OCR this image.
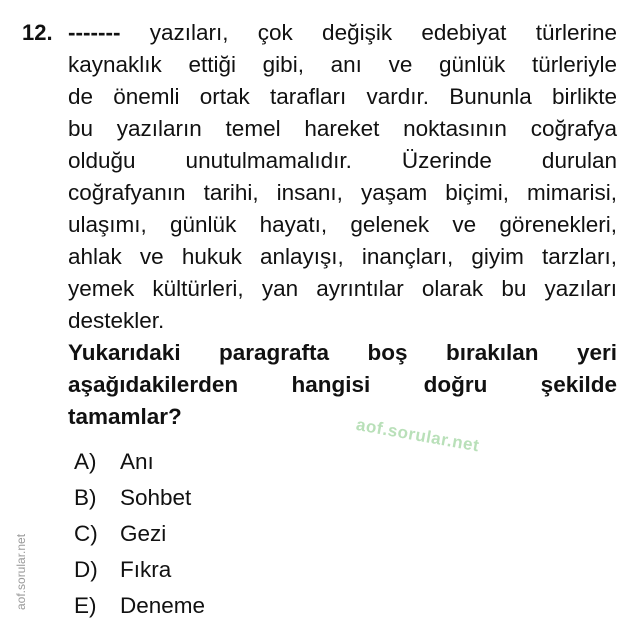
12. ------- yazıları, çok değişik edebiyat türlerine
kaynaklık ettiği gibi, anı ve günlük türleriyle
de önemli ortak tarafları vardır. Bununla birlikte
bu yazıların temel hareket noktasının coğrafya
olduğu unutulmamalıdır. Üzerinde durulan
coğrafyanın tarihi, insanı, yaşam biçimi, mimarisi,
ulaşımı, günlük hayatı, gelenek ve görenekleri,
ahlak ve hukuk anlayışı, inançları, giyim tarzları,
yemek kültürleri, yan ayrıntılar olarak bu yazıları
destekler.
Yukarıdaki paragrafta boş bırakılan yeri
aşağıdakilerden hangisi doğru şekilde
tamamlar?
A)	Anı
B)	Sohbet
C) Gezi
D) Fıkra
E)	Deneme
aof.sorular.net
aof.sorular.net
